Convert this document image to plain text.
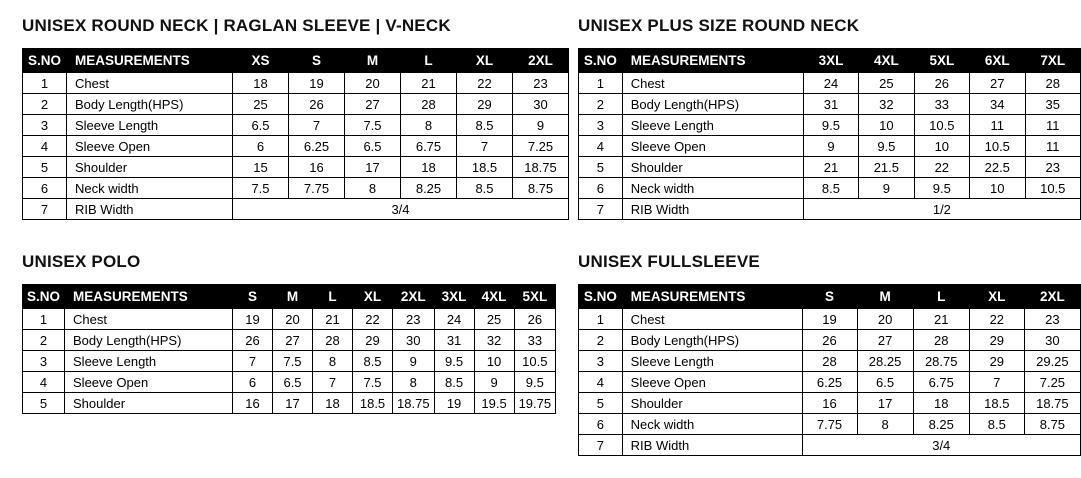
UNISEX ROUND NECK | RAGLAN SLEEVE | V-NECK
S.NO	MEASUREMENTS	XS	S	M	L	XL	2XL
1	Chest	18	19	20	21	22	23
2	Body Length(HPS)	25	26	27	28	29	30
3	Sleeve Length	6.5	7	7.5	8	8.5	9
4	Sleeve Open	6	6.25	6.5	6.75	7	7.25
5	Shoulder	15	16	17	18	18.5	18.75
6	Neck width	7.5	7.75	8	8.25	8.5	8.75
7	RIB Width	3/4					
UNISEX PLUS SIZE ROUND NECK
S.NO	MEASUREMENTS	3XL	4XL	5XL	6XL	7XL
1	Chest	24	25	26	27	28
2	Body Length(HPS)	31	32	33	34	35
3	Sleeve Length	9.5	10	10.5	11	11
4	Sleeve Open	9	9.5	10	10.5	11
5	Shoulder	21	21.5	22	22.5	23
6	Neck width	8.5	9	9.5	10	10.5
7	RIB Width	1/2				
UNISEX POLO
S.NO	MEASUREMENTS	S	M	L	XL	2XL	3XL	4XL	5XL
1	Chest	19	20	21	22	23	24	25	26
2	Body Length(HPS)	26	27	28	29	30	31	32	33
3	Sleeve Length	7	7.5	8	8.5	9	9.5	10	10.5
4	Sleeve Open	6	6.5	7	7.5	8	8.5	9	9.5
5	Shoulder	16	17	18	18.5	18.75	19	19.5	19.75
UNISEX FULLSLEEVE
S.NO	MEASUREMENTS	S	M	L	XL	2XL
1	Chest	19	20	21	22	23
2	Body Length(HPS)	26	27	28	29	30
3	Sleeve Length	28	28.25	28.75	29	29.25
4	Sleeve Open	6.25	6.5	6.75	7	7.25
5	Shoulder	16	17	18	18.5	18.75
6	Neck width	7.75	8	8.25	8.5	8.75
7	RIB Width	3/4				
